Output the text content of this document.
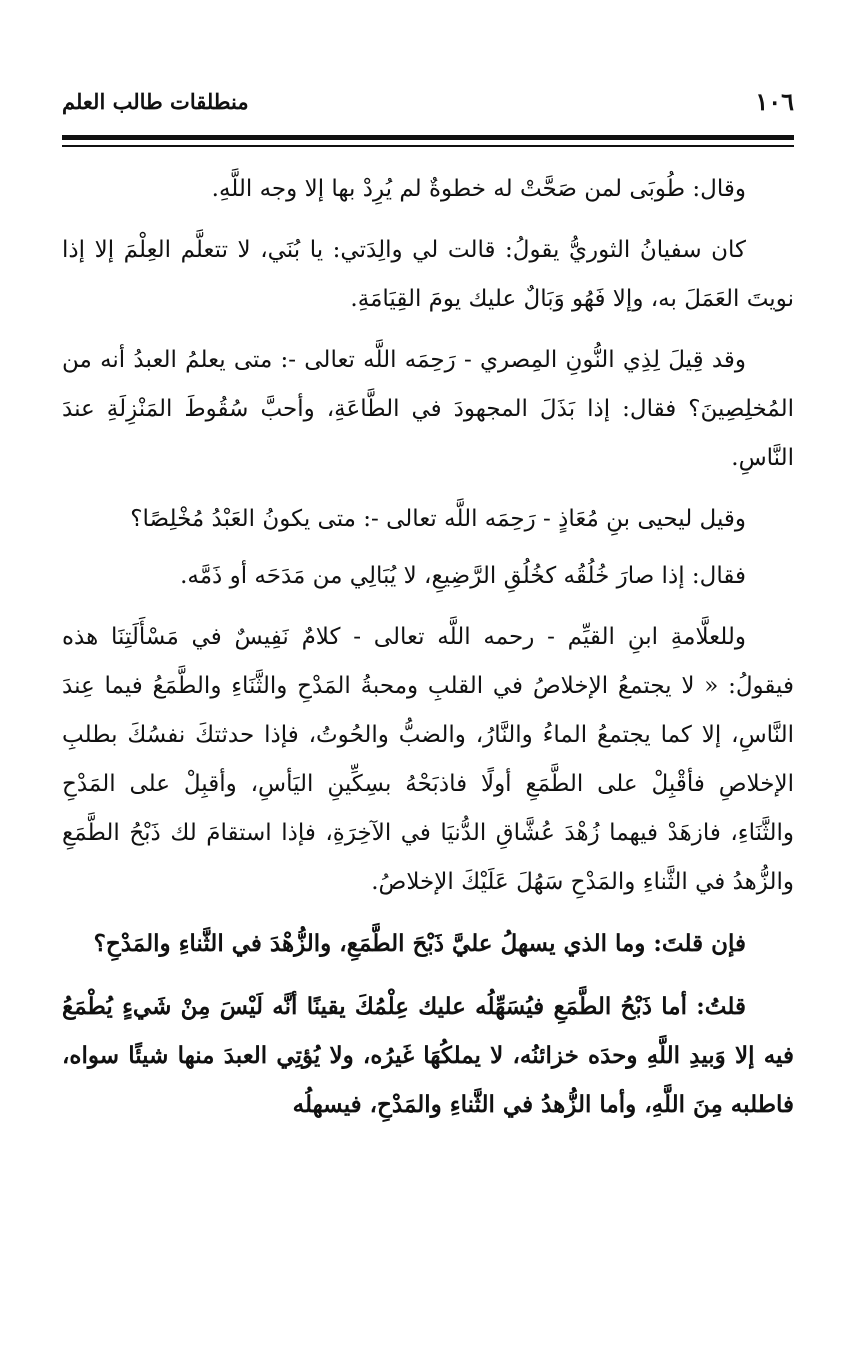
١٠٦
منطلقات طالب العلم

وقال: طُوبَى لمن صَحَّتْ له خطوةٌ لم يُرِدْ بها إلا وجه اللَّهِ.

كان سفيانُ الثوريُّ يقولُ: قالت لي والِدَتي: يا بُنَي، لا تتعلَّم العِلْمَ إلا إذا نويتَ العَمَلَ به، وإلا فَهُو وَبَالٌ عليك يومَ القِيَامَةِ.

وقد قِيلَ لِذِي النُّونِ المِصري - رَحِمَه اللَّه تعالى -: متى يعلمُ العبدُ أنه من المُخلِصِينَ؟ فقال: إذا بَذَلَ المجهودَ في الطَّاعَةِ، وأحبَّ سُقُوطَ المَنْزِلَةِ عندَ النَّاسِ.

وقيل ليحيى بنِ مُعَاذٍ - رَحِمَه اللَّه تعالى -: متى يكونُ العَبْدُ مُخْلِصًا؟

فقال: إذا صارَ خُلُقُه كخُلُقِ الرَّضِيعِ، لا يُبَالِي من مَدَحَه أو ذَمَّه.

وللعلَّامةِ ابنِ القيِّم - رحمه اللَّه تعالى - كلامٌ نَفِيسٌ في مَسْأَلَتِنَا هذه فيقولُ: « لا يجتمعُ الإخلاصُ في القلبِ ومحبةُ المَدْحِ والثَّنَاءِ والطَّمَعُ فيما عِندَ النَّاسِ، إلا كما يجتمعُ الماءُ والنَّارُ، والضبُّ والحُوتُ، فإذا حدثتكَ نفسُكَ بطلبِ الإخلاصِ فأقْبِلْ على الطَّمَعِ أولًا فاذبَحْهُ بسِكِّينِ اليَأسِ، وأقبِلْ على المَدْحِ والثَّنَاءِ، فازهَدْ فيهما زُهْدَ عُشَّاقِ الدُّنيَا في الآخِرَةِ، فإذا استقامَ لك ذَبْحُ الطَّمَعِ والزُّهدُ في الثَّناءِ والمَدْحِ سَهُلَ عَلَيْكَ الإخلاصُ.

فإن قلتَ: وما الذي يسهلُ عليَّ ذَبْحَ الطَّمَعِ، والزُّهْدَ في الثَّناءِ والمَدْحِ؟

قلتُ: أما ذَبْحُ الطَّمَعِ فيُسَهِّلُه عليك عِلْمُكَ يقينًا أنَّه لَيْسَ مِنْ شَيءٍ يُطْمَعُ فيه إلا وَبيدِ اللَّهِ وحدَه خزائنُه، لا يملكُهَا غَيرُه، ولا يُؤتِي العبدَ منها شيئًا سواه، فاطلبه مِنَ اللَّهِ، وأما الزُّهدُ في الثَّناءِ والمَدْحِ، فيسهلُه
